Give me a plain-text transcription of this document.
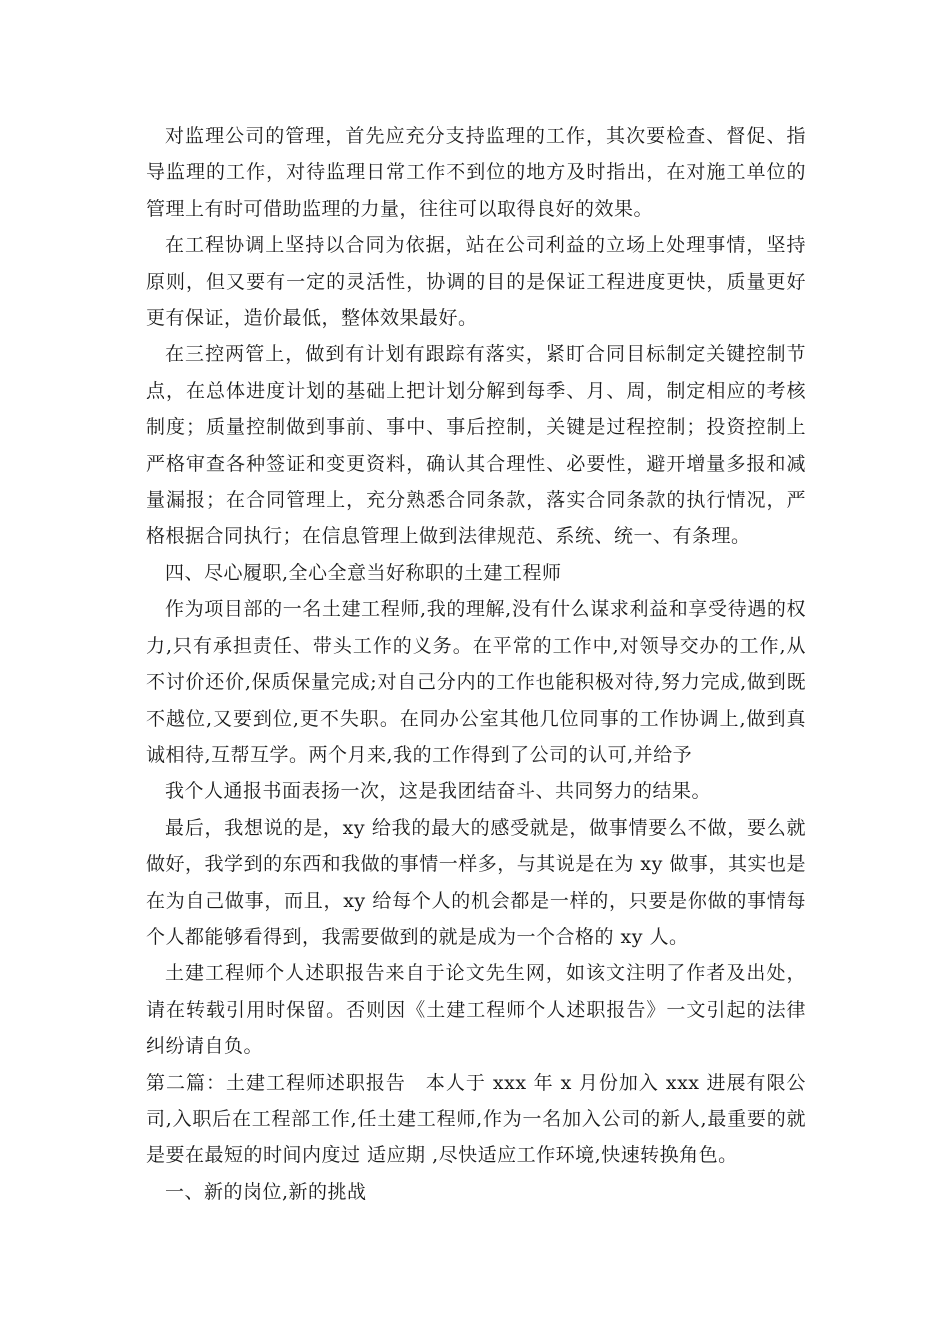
对监理公司的管理，首先应充分支持监理的工作，其次要检查、督促、指导监理的工作，对待监理日常工作不到位的地方及时指出，在对施工单位的管理上有时可借助监理的力量，往往可以取得良好的效果。

在工程协调上坚持以合同为依据，站在公司利益的立场上处理事情，坚持原则，但又要有一定的灵活性，协调的目的是保证工程进度更快，质量更好更有保证，造价最低，整体效果最好。

在三控两管上，做到有计划有跟踪有落实，紧盯合同目标制定关键控制节点，在总体进度计划的基础上把计划分解到每季、月、周，制定相应的考核制度；质量控制做到事前、事中、事后控制，关键是过程控制；投资控制上严格审查各种签证和变更资料，确认其合理性、必要性，避开增量多报和减量漏报；在合同管理上，充分熟悉合同条款，落实合同条款的执行情况，严格根据合同执行；在信息管理上做到法律规范、系统、统一、有条理。

四、尽心履职,全心全意当好称职的土建工程师

作为项目部的一名土建工程师,我的理解,没有什么谋求利益和享受待遇的权力,只有承担责任、带头工作的义务。在平常的工作中,对领导交办的工作,从不讨价还价,保质保量完成;对自己分内的工作也能积极对待,努力完成,做到既不越位,又要到位,更不失职。在同办公室其他几位同事的工作协调上,做到真诚相待,互帮互学。两个月来,我的工作得到了公司的认可,并给予

我个人通报书面表扬一次，这是我团结奋斗、共同努力的结果。

最后，我想说的是，xy 给我的最大的感受就是，做事情要么不做，要么就做好，我学到的东西和我做的事情一样多，与其说是在为 xy 做事，其实也是在为自己做事，而且，xy 给每个人的机会都是一样的，只要是你做的事情每个人都能够看得到，我需要做到的就是成为一个合格的 xy 人。

土建工程师个人述职报告来自于论文先生网，如该文注明了作者及出处，请在转载引用时保留。否则因《土建工程师个人述职报告》一文引起的法律纠纷请自负。

第二篇：土建工程师述职报告　本人于 xxx 年 x 月份加入 xxx 进展有限公司,入职后在工程部工作,任土建工程师,作为一名加入公司的新人,最重要的就是要在最短的时间内度过 适应期 ,尽快适应工作环境,快速转换角色。

一、新的岗位,新的挑战
